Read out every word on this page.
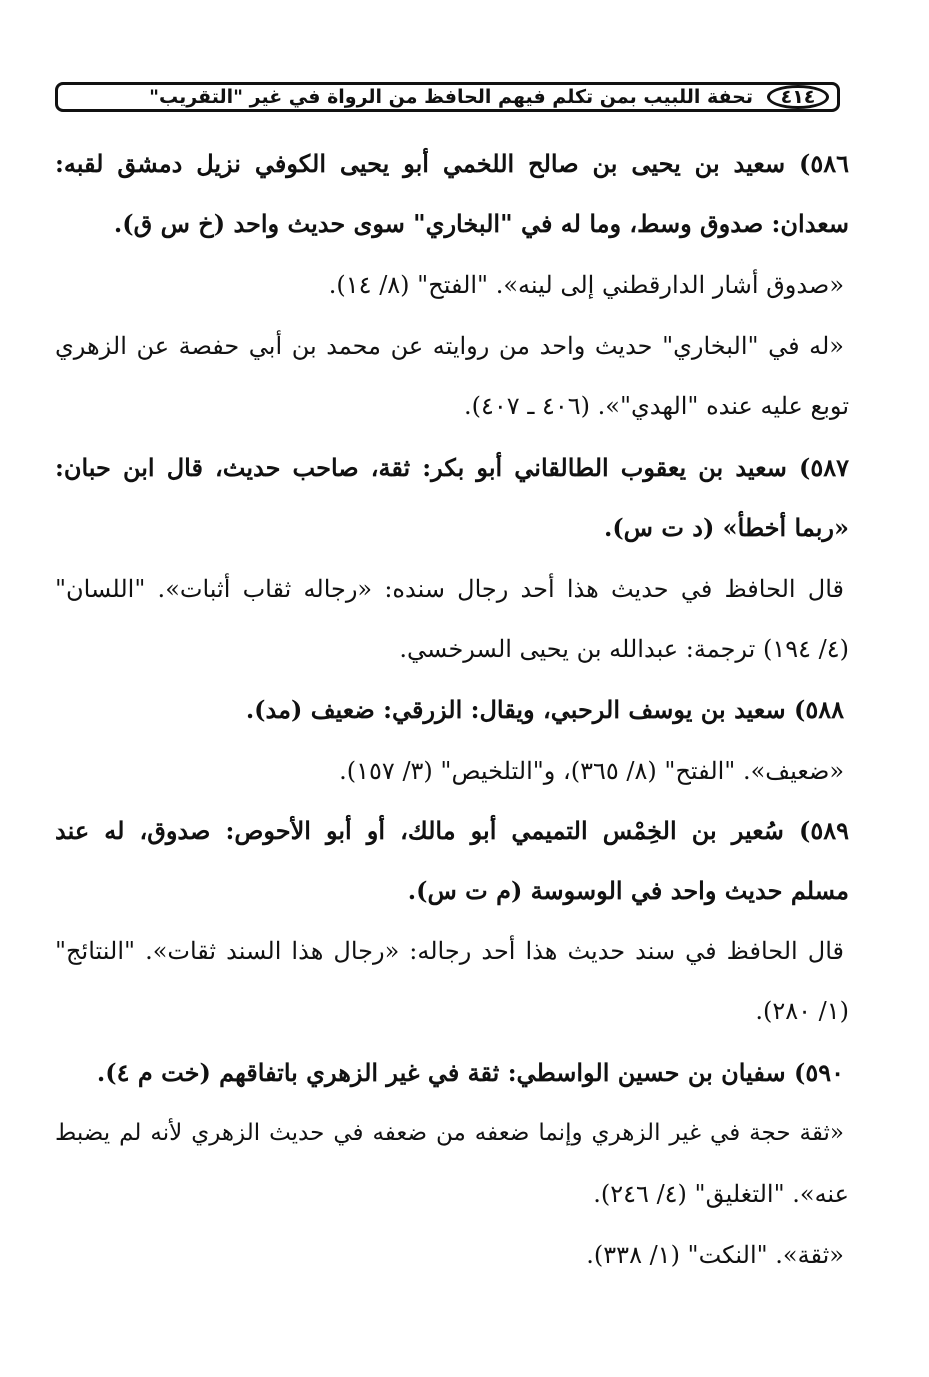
٤١٤
تحفة اللبيب بمن تكلم فيهم الحافظ من الرواة في غير "التقريب"
٥٨٦) سعيد بن يحيى بن صالح اللخمي أبو يحيى الكوفي نزيل دمشق لقبه:
سعدان: صدوق وسط، وما له في "البخاري" سوى حديث واحد (خ س ق).
«صدوق أشار الدارقطني إلى لينه». "الفتح" (٨/ ١٤).
«له في "البخاري" حديث واحد من روايته عن محمد بن أبي حفصة عن الزهري
توبع عليه عنده "الهدي"». (٤٠٦ ـ ٤٠٧).
٥٨٧) سعيد بن يعقوب الطالقاني أبو بكر: ثقة، صاحب حديث، قال ابن حبان:
«ربما أخطأ» (د ت س).
قال الحافظ في حديث هذا أحد رجال سنده: «رجاله ثقاب أثبات». "اللسان"
(٤/ ١٩٤) ترجمة: عبدالله بن يحيى السرخسي.
٥٨٨) سعيد بن يوسف الرحبي، ويقال: الزرقي: ضعيف (مد).
«ضعيف». "الفتح" (٨/ ٣٦٥)، و"التلخيص" (٣/ ١٥٧).
٥٨٩) سُعير بن الخِمْس التميمي أبو مالك، أو أبو الأحوص: صدوق، له عند
مسلم حديث واحد في الوسوسة (م ت س).
قال الحافظ في سند حديث هذا أحد رجاله: «رجال هذا السند ثقات». "النتائج"
(١/ ٢٨٠).
٥٩٠) سفيان بن حسين الواسطي: ثقة في غير الزهري باتفاقهم (خت م ٤).
«ثقة حجة في غير الزهري وإنما ضعفه من ضعفه في حديث الزهري لأنه لم يضبط
عنه». "التغليق" (٤/ ٢٤٦).
«ثقة». "النكت" (١/ ٣٣٨).
